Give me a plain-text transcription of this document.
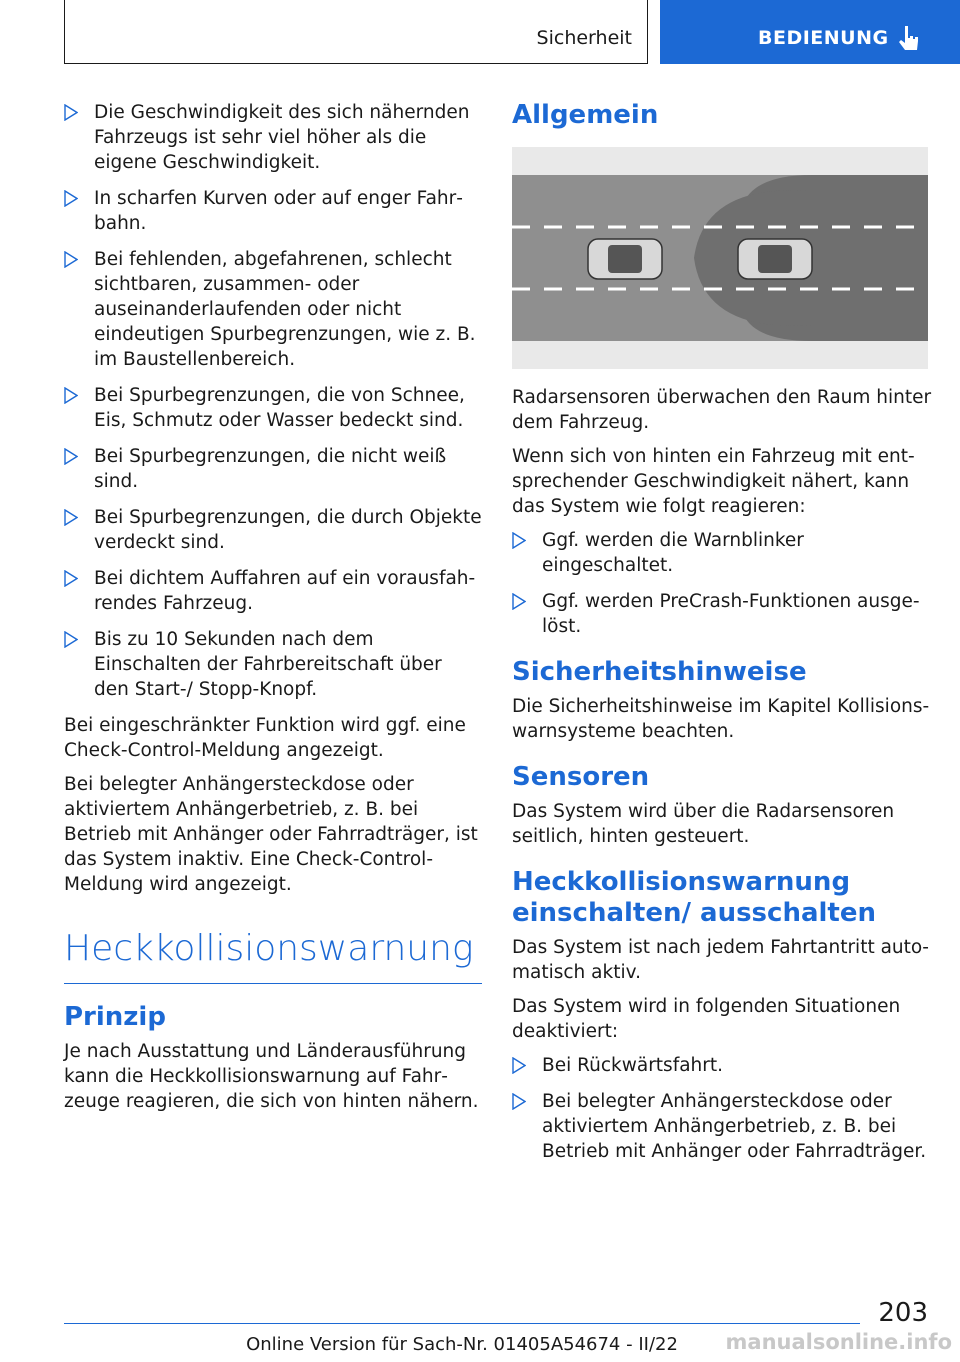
Sicherheit	BEDIENUNG
Die Geschwindigkeit des sich nähernden Fahrzeugs ist sehr viel höher als die eigene Geschwindigkeit.
In scharfen Kurven oder auf enger Fahrbahn.
Bei fehlenden, abgefahrenen, schlecht sichtbaren, zusammen- oder auseinanderlaufenden oder nicht eindeutigen Spurbegrenzungen, wie z. B. im Baustellenbereich.
Bei Spurbegrenzungen, die von Schnee, Eis, Schmutz oder Wasser bedeckt sind.
Bei Spurbegrenzungen, die nicht weiß sind.
Bei Spurbegrenzungen, die durch Objekte verdeckt sind.
Bei dichtem Auffahren auf ein vorausfahrendes Fahrzeug.
Bis zu 10 Sekunden nach dem Einschalten der Fahrbereitschaft über den Start-/ Stopp-Knopf.

Bei eingeschränkter Funktion wird ggf. eine Check-Control-Meldung angezeigt.

Bei belegter Anhängersteckdose oder aktiviertem Anhängerbetrieb, z. B. bei Betrieb mit Anhänger oder Fahrradträger, ist das System inaktiv. Eine Check-Control-Meldung wird angezeigt.

Heckkollisionswarnung
Prinzip

Je nach Ausstattung und Länderausführung kann die Heckkollisionswarnung auf Fahrzeuge reagieren, die sich von hinten nähern.

Allgemein

Radarsensoren überwachen den Raum hinter dem Fahrzeug.

Wenn sich von hinten ein Fahrzeug mit entsprechender Geschwindigkeit nähert, kann das System wie folgt reagieren:

Ggf. werden die Warnblinker eingeschaltet.
Ggf. werden PreCrash-Funktionen ausgelöst.
Sicherheitshinweise

Die Sicherheitshinweise im Kapitel Kollisionswarnsysteme beachten.

Sensoren

Das System wird über die Radarsensoren seitlich, hinten gesteuert.

Heckkollisionswarnung einschalten/ ausschalten

Das System ist nach jedem Fahrtantritt automatisch aktiv.

Das System wird in folgenden Situationen deaktiviert:

Bei Rückwärtsfahrt.
Bei belegter Anhängersteckdose oder aktiviertem Anhängerbetrieb, z. B. bei Betrieb mit Anhänger oder Fahrradträger.
203
Online Version für Sach-Nr. 01405A54674 - II/22	manualsonline.info
